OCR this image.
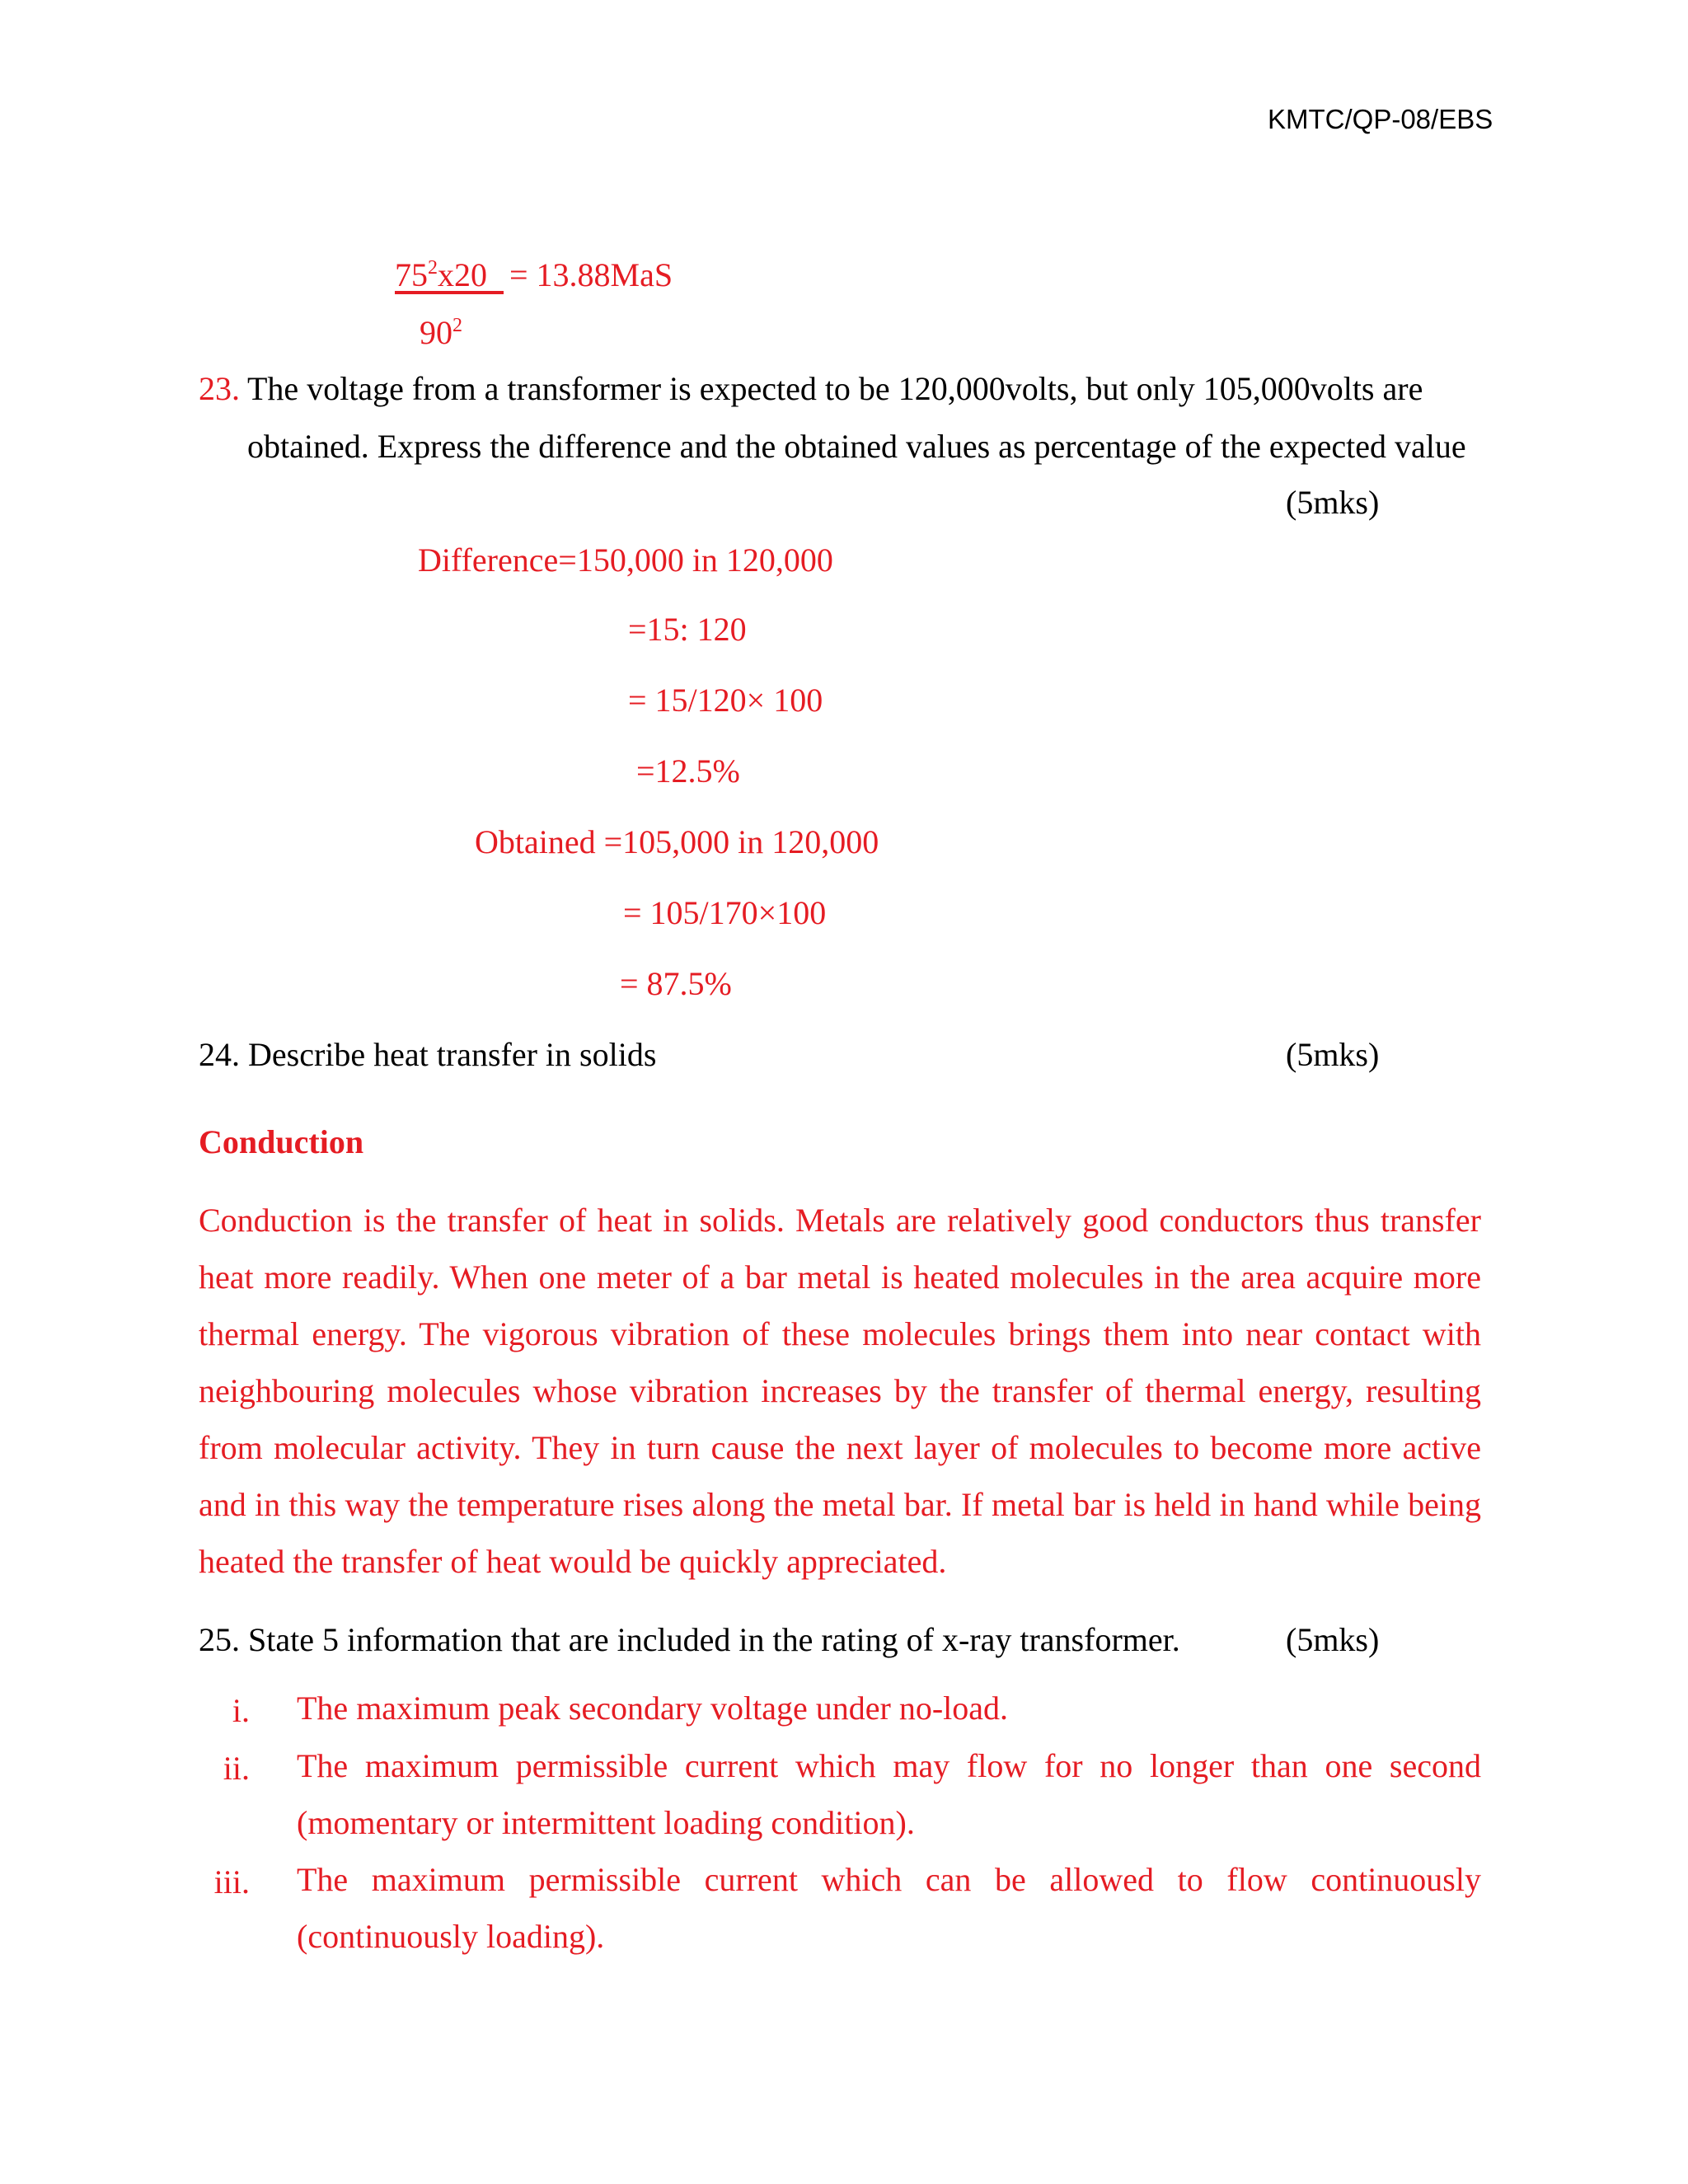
KMTC/QP-08/EBS
$75^2x20 = 13.88MaS$
$90^2$
23. The voltage from a transformer is expected to be 120,000volts, but only 105,000volts are
obtained. Express the difference and the obtained values as percentage of the expected value
(5mks)
Difference=150,000 in 120,000
=15: 120
= 15/120× 100
=12.5%
Obtained =105,000 in 120,000
= 105/170×100
= 87.5%
24. Describe heat transfer in solids	(5mks)
Conduction
Conduction is the transfer of heat in solids. Metals are relatively good conductors thus transfer heat more readily. When one meter of a bar metal is heated molecules in the area acquire more thermal energy. The vigorous vibration of these molecules brings them into near contact with neighbouring molecules whose vibration increases by the transfer of thermal energy, resulting from molecular activity. They in turn cause the next layer of molecules to become more active and in this way the temperature rises along the metal bar. If metal bar is held in hand while being heated the transfer of heat would be quickly appreciated.
25. State 5 information that are included in the rating of x-ray transformer.	(5mks)
i. The maximum peak secondary voltage under no-load.
ii. The maximum permissible current which may flow for no longer than one second (momentary or intermittent loading condition).
iii. The maximum permissible current which can be allowed to flow continuously (continuously loading).
